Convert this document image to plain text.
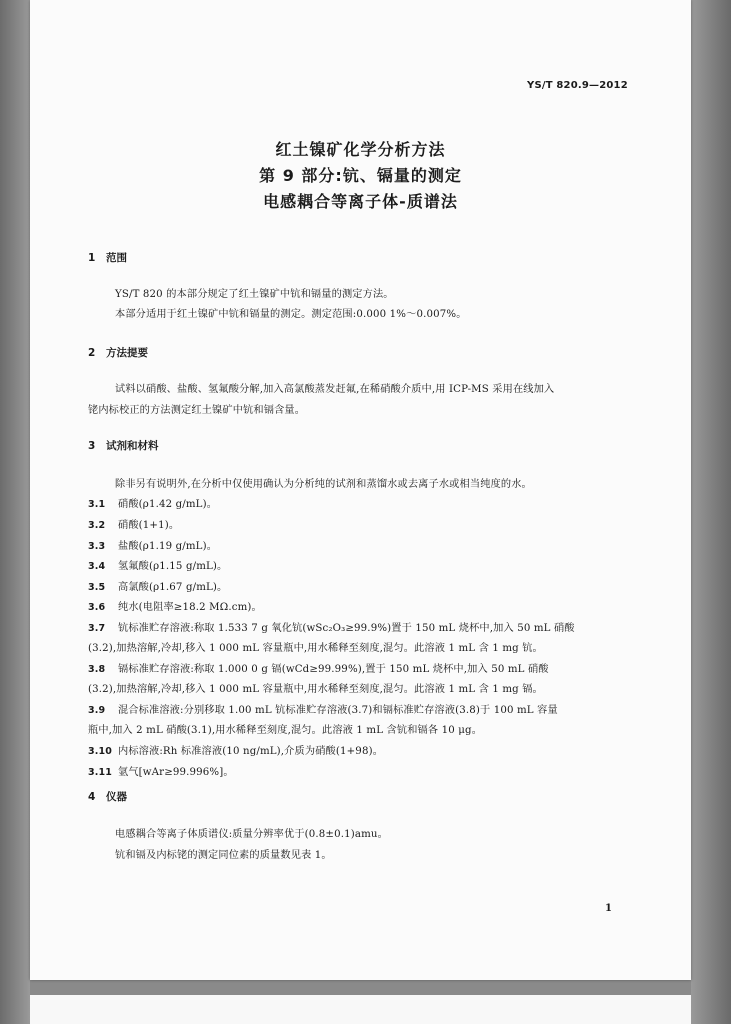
YS/T 820.9—2012
红土镍矿化学分析方法
第 9 部分:钪、镉量的测定
电感耦合等离子体-质谱法
1 范围
YS/T 820 的本部分规定了红土镍矿中钪和镉量的测定方法。
本部分适用于红土镍矿中钪和镉量的测定。测定范围:0.000 1%～0.007%。
2 方法提要
试料以硝酸、盐酸、氢氟酸分解,加入高氯酸蒸发赶氟,在稀硝酸介质中,用 ICP-MS 采用在线加入
铑内标校正的方法测定红土镍矿中钪和镉含量。
3 试剂和材料
除非另有说明外,在分析中仅使用确认为分析纯的试剂和蒸馏水或去离子水或相当纯度的水。
3.1 硝酸(ρ1.42 g/mL)。
3.2 硝酸(1+1)。
3.3 盐酸(ρ1.19 g/mL)。
3.4 氢氟酸(ρ1.15 g/mL)。
3.5 高氯酸(ρ1.67 g/mL)。
3.6 纯水(电阻率≥18.2 MΩ.cm)。
3.7 钪标准贮存溶液:称取 1.533 7 g 氧化钪(wSc₂O₃≥99.9%)置于 150 mL 烧杯中,加入 50 mL 硝酸
(3.2),加热溶解,冷却,移入 1 000 mL 容量瓶中,用水稀释至刻度,混匀。此溶液 1 mL 含 1 mg 钪。
3.8 镉标准贮存溶液:称取 1.000 0 g 镉(wCd≥99.99%),置于 150 mL 烧杯中,加入 50 mL 硝酸
(3.2),加热溶解,冷却,移入 1 000 mL 容量瓶中,用水稀释至刻度,混匀。此溶液 1 mL 含 1 mg 镉。
3.9 混合标准溶液:分别移取 1.00 mL 钪标准贮存溶液(3.7)和镉标准贮存溶液(3.8)于 100 mL 容量
瓶中,加入 2 mL 硝酸(3.1),用水稀释至刻度,混匀。此溶液 1 mL 含钪和镉各 10 μg。
3.10 内标溶液:Rh 标准溶液(10 ng/mL),介质为硝酸(1+98)。
3.11 氩气[wAr≥99.996%]。
4 仪器
电感耦合等离子体质谱仪:质量分辨率优于(0.8±0.1)amu。
钪和镉及内标铑的测定同位素的质量数见表 1。
1
